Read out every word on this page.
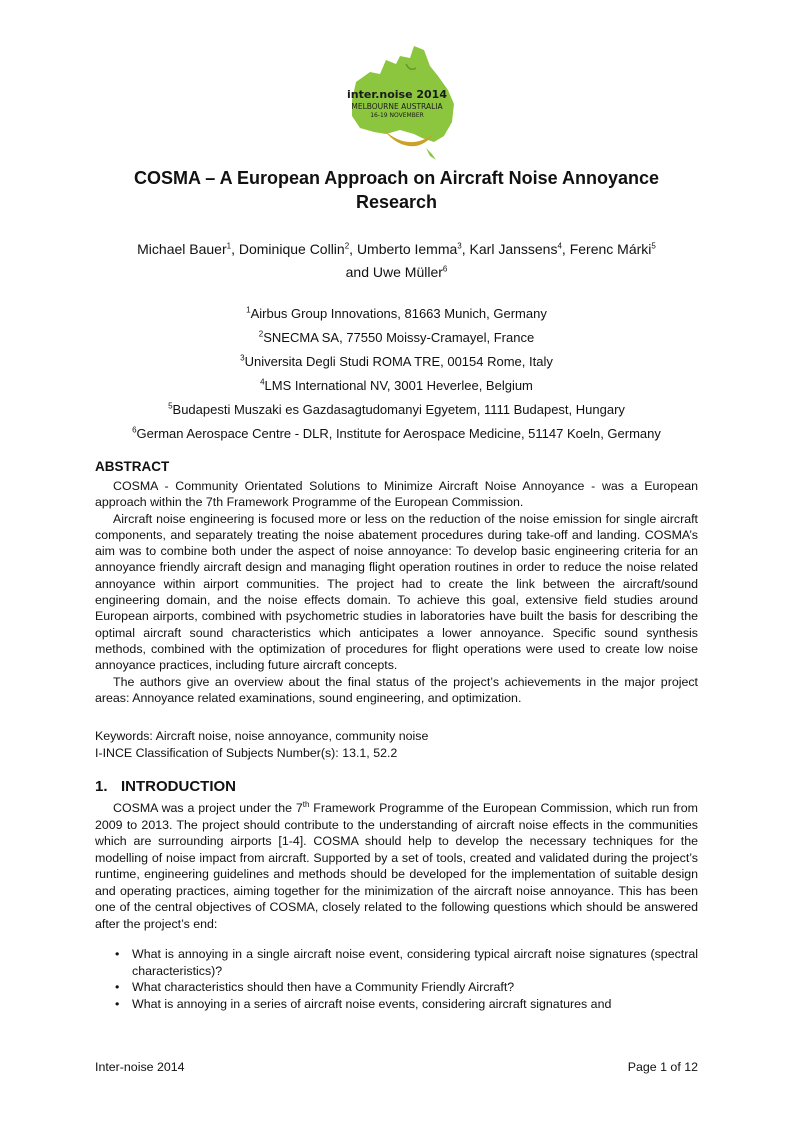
inter.noise 2014
MELBOURNE AUSTRALIA
16-19 NOVEMBER
COSMA – A European Approach on Aircraft Noise Annoyance
Research
Michael Bauer$^1$, Dominique Collin$^2$, Umberto Iemma$^3$, Karl Janssens$^4$, Ferenc Márki$^5$
and Uwe Müller$^6$
$^1$Airbus Group Innovations, 81663 Munich, Germany
$^2$SNECMA SA, 77550 Moissy-Cramayel, France
$^3$Universita Degli Studi ROMA TRE, 00154 Rome, Italy
$^4$LMS International NV, 3001 Heverlee, Belgium
$^5$Budapesti Muszaki es Gazdasagtudomanyi Egyetem, 1111 Budapest, Hungary
$^6$German Aerospace Centre - DLR, Institute for Aerospace Medicine, 51147 Koeln, Germany
ABSTRACT

COSMA - Community Orientated Solutions to Minimize Aircraft Noise Annoyance - was a European approach within the 7th Framework Programme of the European Commission.

Aircraft noise engineering is focused more or less on the reduction of the noise emission for single aircraft components, and separately treating the noise abatement procedures during take-off and landing. COSMA’s aim was to combine both under the aspect of noise annoyance: To develop basic engineering criteria for an annoyance friendly aircraft design and managing flight operation routines in order to reduce the noise related annoyance within airport communities. The project had to create the link between the aircraft/sound engineering domain, and the noise effects domain. To achieve this goal, extensive field studies around European airports, combined with psychometric studies in laboratories have built the basis for describing the optimal aircraft sound characteristics which anticipates a lower annoyance. Specific sound synthesis methods, combined with the optimization of procedures for flight operations were used to create low noise annoyance practices, including future aircraft concepts.

The authors give an overview about the final status of the project’s achievements in the major project areas: Annoyance related examinations, sound engineering, and optimization.

Keywords: Aircraft noise, noise annoyance, community noise
I-INCE Classification of Subjects Number(s): 13.1, 52.2
1. INTRODUCTION

COSMA was a project under the 7th Framework Programme of the European Commission, which run from 2009 to 2013. The project should contribute to the understanding of aircraft noise effects in the communities which are surrounding airports [1-4]. COSMA should help to develop the necessary techniques for the modelling of noise impact from aircraft. Supported by a set of tools, created and validated during the project’s runtime, engineering guidelines and methods should be developed for the implementation of suitable design and operating practices, aiming together for the minimization of the aircraft noise annoyance. This has been one of the central objectives of COSMA, closely related to the following questions which should be answered after the project’s end:

• What is annoying in a single aircraft noise event, considering typical aircraft noise signatures (spectral characteristics)?
• What characteristics should then have a Community Friendly Aircraft?
• What is annoying in a series of aircraft noise events, considering aircraft signatures and
Inter-noise 2014	Page 1 of 12
